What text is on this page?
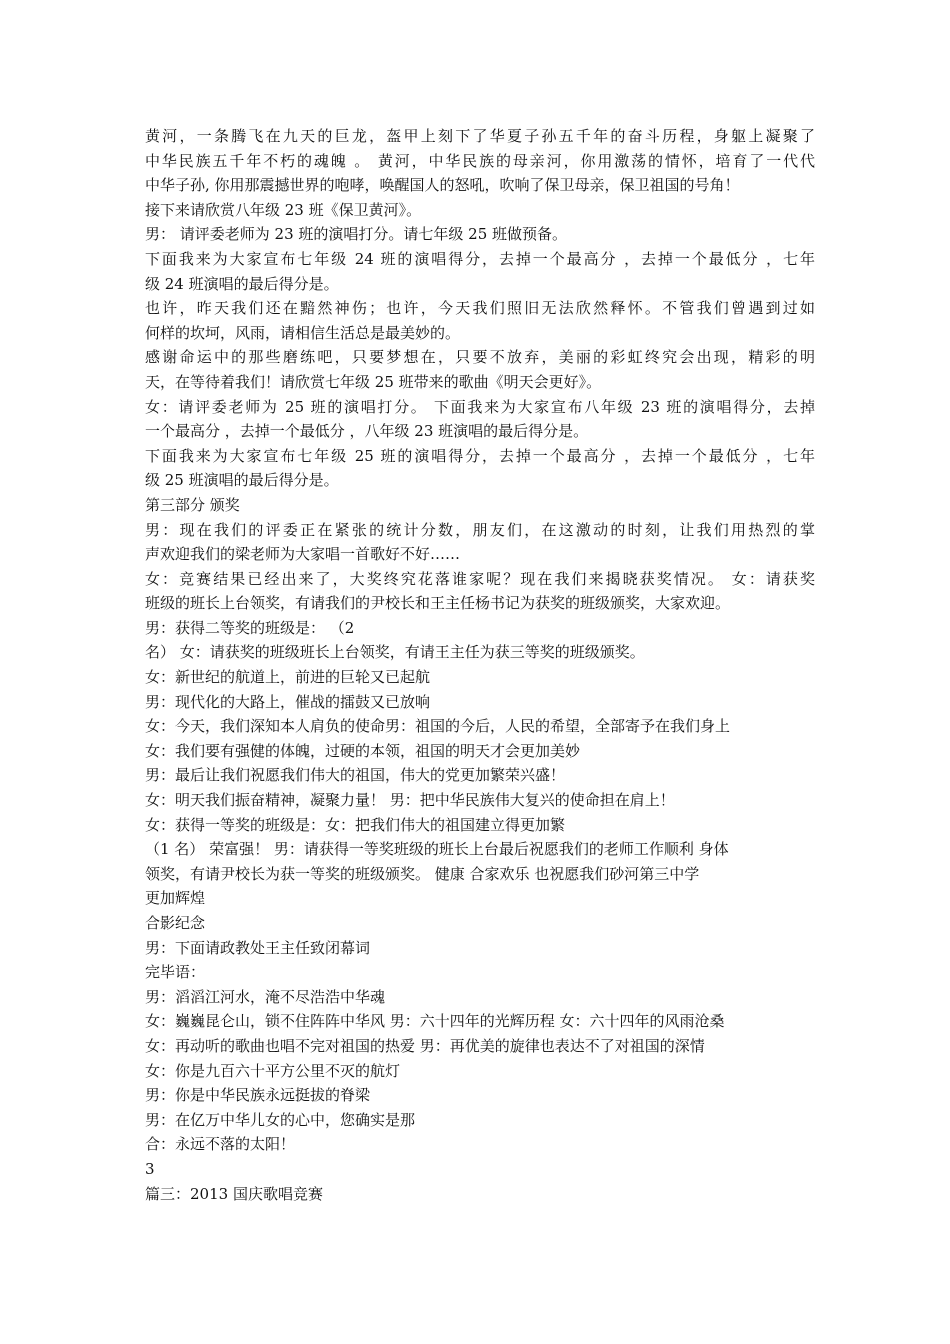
黄河，一条腾飞在九天的巨龙，盔甲上刻下了华夏子孙五千年的奋斗历程，身躯上凝聚了
中华民族五千年不朽的魂魄 。 黄河，中华民族的母亲河，你用激荡的情怀，培育了一代代
中华子孙, 你用那震撼世界的咆哮，唤醒国人的怒吼，吹响了保卫母亲，保卫祖国的号角！
接下来请欣赏八年级 23 班《保卫黄河》。
男： 请评委老师为 23 班的演唱打分。请七年级 25 班做预备。
下面我来为大家宣布七年级 24 班的演唱得分，去掉一个最高分 ，去掉一个最低分 ，七年
级 24 班演唱的最后得分是。
也许，昨天我们还在黯然神伤；也许，今天我们照旧无法欣然释怀。不管我们曾遇到过如
何样的坎坷，风雨，请相信生活总是最美妙的。
感谢命运中的那些磨练吧，只要梦想在，只要不放弃，美丽的彩虹终究会出现，精彩的明
天，在等待着我们！请欣赏七年级 25 班带来的歌曲《明天会更好》。
女：请评委老师为 25 班的演唱打分。 下面我来为大家宣布八年级 23 班的演唱得分，去掉
一个最高分 ，去掉一个最低分 ，八年级 23 班演唱的最后得分是。
下面我来为大家宣布七年级 25 班的演唱得分，去掉一个最高分 ，去掉一个最低分 ，七年
级 25 班演唱的最后得分是。
第三部分 颁奖
男：现在我们的评委正在紧张的统计分数，朋友们，在这激动的时刻，让我们用热烈的掌
声欢迎我们的梁老师为大家唱一首歌好不好……
女：竞赛结果已经出来了，大奖终究花落谁家呢？现在我们来揭晓获奖情况。 女：请获奖
班级的班长上台领奖，有请我们的尹校长和王主任杨书记为获奖的班级颁奖，大家欢迎。
男：获得二等奖的班级是： （2
名） 女：请获奖的班级班长上台领奖，有请王主任为获三等奖的班级颁奖。
女：新世纪的航道上，前进的巨轮又已起航
男：现代化的大路上，催战的擂鼓又已放响
女：今天，我们深知本人肩负的使命男：祖国的今后，人民的希望，全部寄予在我们身上
女：我们要有强健的体魄，过硬的本领，祖国的明天才会更加美妙
男：最后让我们祝愿我们伟大的祖国，伟大的党更加繁荣兴盛！
女：明天我们振奋精神，凝聚力量！ 男：把中华民族伟大复兴的使命担在肩上！
女：获得一等奖的班级是：女：把我们伟大的祖国建立得更加繁
（1 名） 荣富强！ 男：请获得一等奖班级的班长上台最后祝愿我们的老师工作顺利 身体
领奖，有请尹校长为获一等奖的班级颁奖。 健康 合家欢乐 也祝愿我们砂河第三中学
更加辉煌
合影纪念
男：下面请政教处王主任致闭幕词
完毕语：
男：滔滔江河水，淹不尽浩浩中华魂
女：巍巍昆仑山，锁不住阵阵中华风 男：六十四年的光辉历程 女：六十四年的风雨沧桑
女：再动听的歌曲也唱不完对祖国的热爱 男：再优美的旋律也表达不了对祖国的深情
女：你是九百六十平方公里不灭的航灯
男：你是中华民族永远挺拔的脊梁
男：在亿万中华儿女的心中，您确实是那
合：永远不落的太阳！
3
篇三：2013 国庆歌唱竞赛
